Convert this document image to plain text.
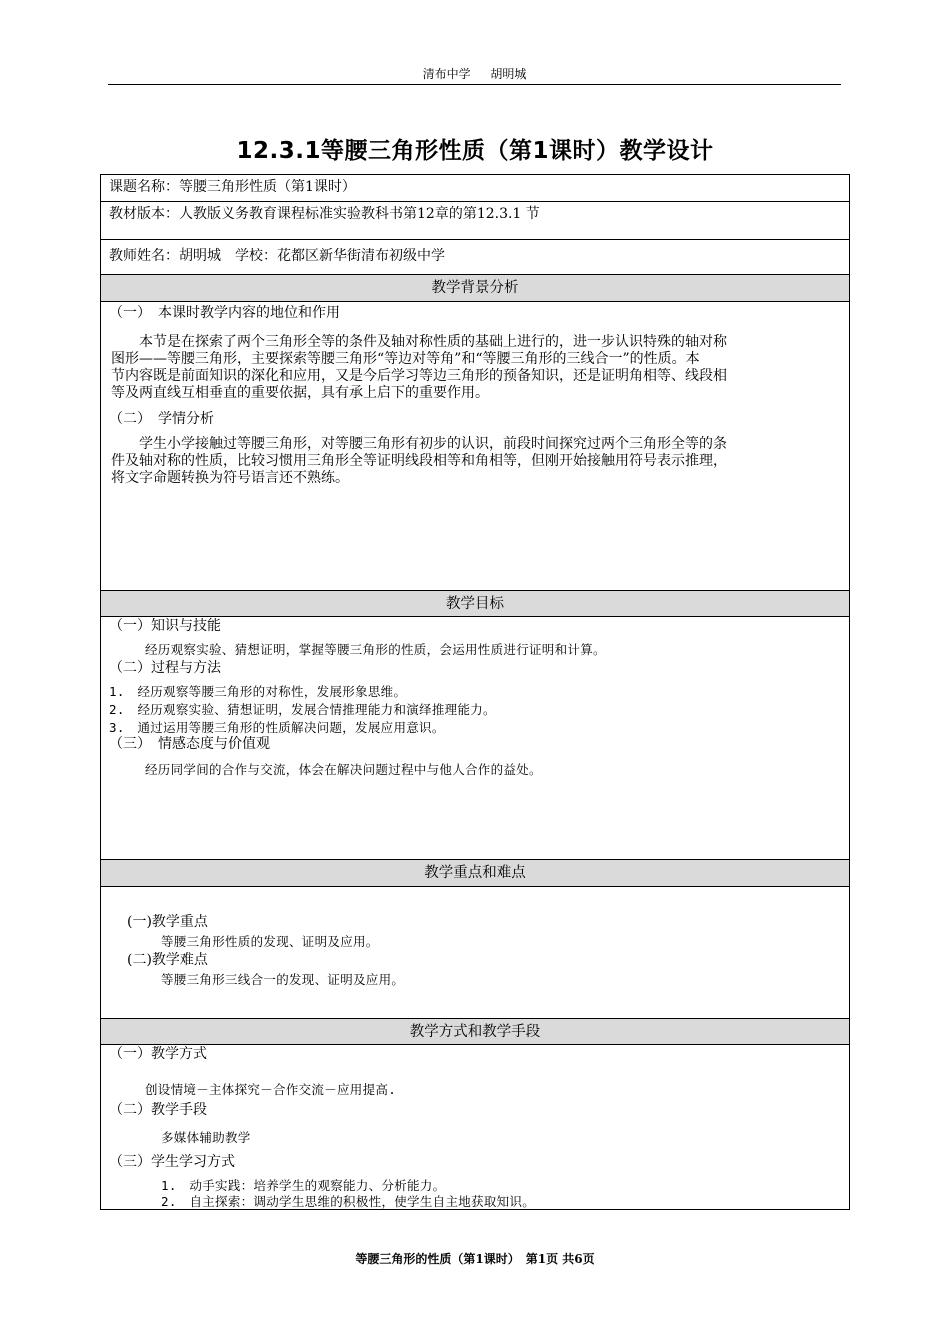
清布中学 胡明城
12.3.1等腰三角形性质（第1课时）教学设计
课题名称：等腰三角形性质（第1课时）
教材版本：人教版义务教育课程标准实验教科书第12章的第12.3.1 节
教师姓名：胡明城　学校：花都区新华街清布初级中学
教学背景分析
（一）　本课时教学内容的地位和作用
　　本节是在探索了两个三角形全等的条件及轴对称性质的基础上进行的，进一步认识特殊的轴对称
图形——等腰三角形，主要探索等腰三角形“等边对等角”和“等腰三角形的三线合一”的性质。本
节内容既是前面知识的深化和应用，又是今后学习等边三角形的预备知识，还是证明角相等、线段相
等及两直线互相垂直的重要依据，具有承上启下的重要作用。
（二）　学情分析
　　学生小学接触过等腰三角形，对等腰三角形有初步的认识，前段时间探究过两个三角形全等的条
件及轴对称的性质，比较习惯用三角形全等证明线段相等和角相等，但刚开始接触用符号表示推理，
将文字命题转换为符号语言还不熟练。
教学目标
（一）知识与技能
经历观察实验、猜想证明，掌握等腰三角形的性质，会运用性质进行证明和计算。
（二）过程与方法
1.　经历观察等腰三角形的对称性，发展形象思维。
2.　经历观察实验、猜想证明，发展合情推理能力和演绎推理能力。
3.　通过运用等腰三角形的性质解决问题，发展应用意识。
（三）　情感态度与价值观
经历同学间的合作与交流，体会在解决问题过程中与他人合作的益处。
教学重点和难点
(一)教学重点
等腰三角形性质的发现、证明及应用。
(二)教学难点
等腰三角形三线合一的发现、证明及应用。
教学方式和教学手段
（一）教学方式
创设情境－主体探究－合作交流－应用提高.
（二）教学手段
多媒体辅助教学
（三）学生学习方式
1.　动手实践：培养学生的观察能力、分析能力。
2.　自主探索：调动学生思维的积极性，使学生自主地获取知识。
等腰三角形的性质（第1课时）　第1页 共6页
